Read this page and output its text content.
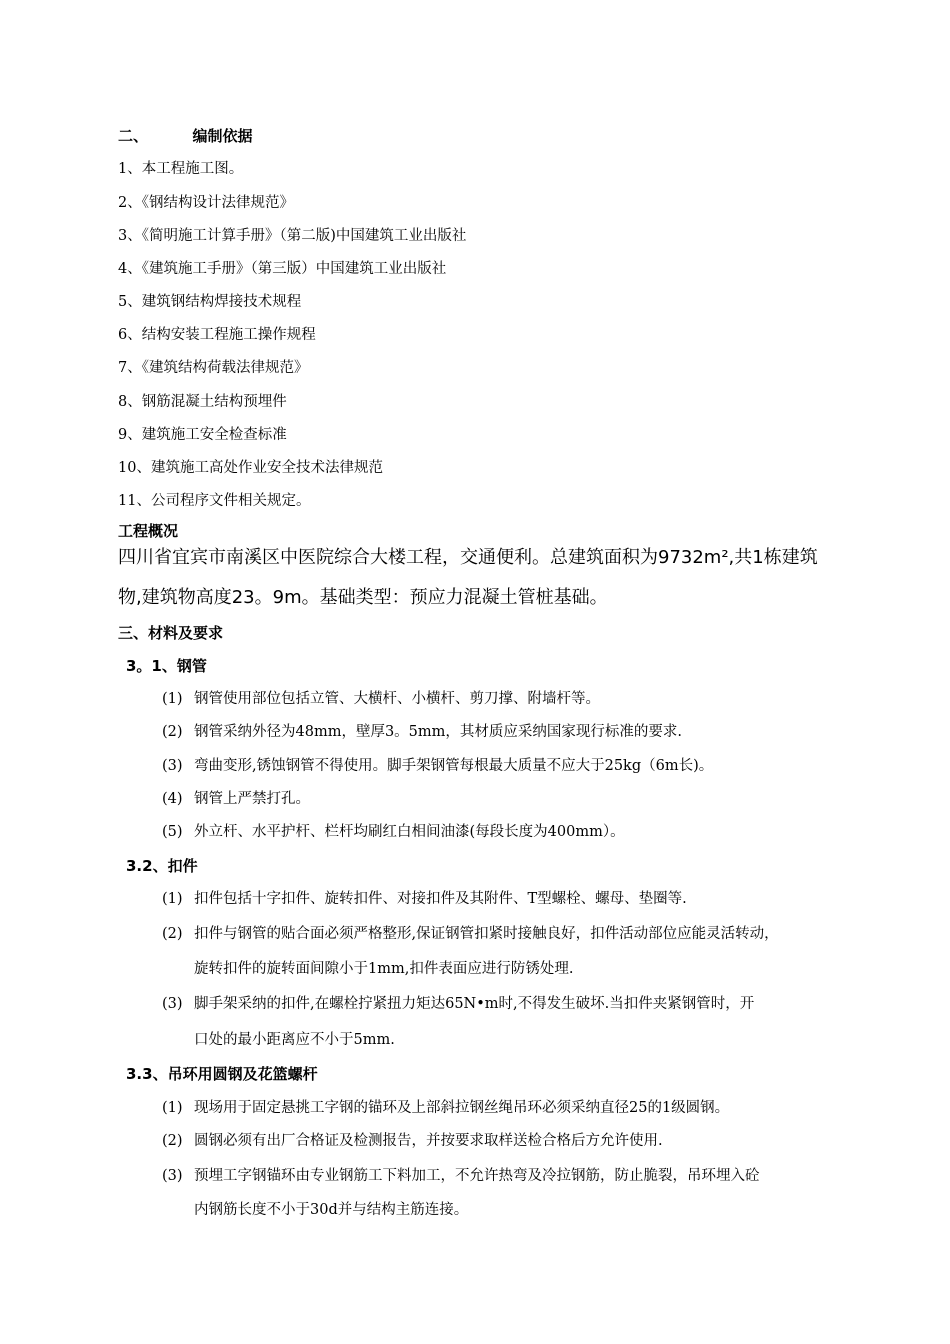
二、	编制依据
1、本工程施工图。
2、《钢结构设计法律规范》
3、《简明施工计算手册》（第二版)中国建筑工业出版社
4、《建筑施工手册》（第三版）中国建筑工业出版社
5、建筑钢结构焊接技术规程
6、结构安装工程施工操作规程
7、《建筑结构荷载法律规范》
8、钢筋混凝土结构预埋件
9、建筑施工安全检查标准
10、建筑施工高处作业安全技术法律规范
11、公司程序文件相关规定。
工程概况
四川省宜宾市南溪区中医院综合大楼工程，交通便利。总建筑面积为9732m²,共1栋建筑
物,建筑物高度23。9m。基础类型：预应力混凝土管桩基础。
三、材料及要求
3。1、钢管
(1) 钢管使用部位包括立管、大横杆、小横杆、剪刀撑、附墙杆等。
(2) 钢管采纳外径为48mm，壁厚3。5mm，其材质应采纳国家现行标准的要求.
(3) 弯曲变形,锈蚀钢管不得使用。脚手架钢管每根最大质量不应大于25kg（6m长)。
(4) 钢管上严禁打孔。
(5) 外立杆、水平护杆、栏杆均刷红白相间油漆(每段长度为400mm）。
3.2、扣件
(1) 扣件包括十字扣件、旋转扣件、对接扣件及其附件、T型螺栓、螺母、垫圈等.
(2) 扣件与钢管的贴合面必须严格整形,保证钢管扣紧时接触良好，扣件活动部位应能灵活转动，
旋转扣件的旋转面间隙小于1mm,扣件表面应进行防锈处理.
(3) 脚手架采纳的扣件,在螺栓拧紧扭力矩达65N•m时,不得发生破坏.当扣件夹紧钢管时，开
口处的最小距离应不小于5mm.
3.3、吊环用圆钢及花篮螺杆
(1) 现场用于固定悬挑工字钢的锚环及上部斜拉钢丝绳吊环必须采纳直径25的1级圆钢。
(2) 圆钢必须有出厂合格证及检测报告，并按要求取样送检合格后方允许使用.
(3) 预埋工字钢锚环由专业钢筋工下料加工，不允许热弯及冷拉钢筋，防止脆裂，吊环埋入砼
内钢筋长度不小于30d并与结构主筋连接。
